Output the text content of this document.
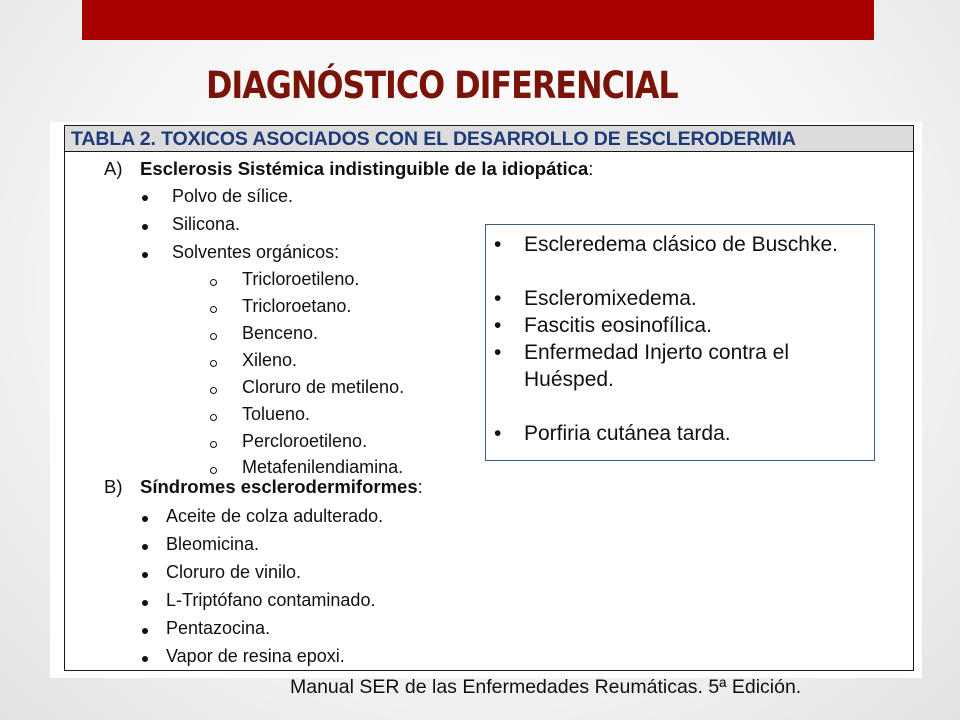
DIAGNÓSTICO DIFERENCIAL
TABLA 2. TOXICOS ASOCIADOS CON EL DESARROLLO DE ESCLERODERMIA
A) Esclerosis Sistémica indistinguible de la idiopática:
Polvo de sílice.
Silicona.
Solventes orgánicos:
Tricloroetileno.
Tricloroetano.
Benceno.
Xileno.
Cloruro de metileno.
Tolueno.
Percloroetileno.
Metafenilendiamina.
B) Síndromes esclerodermiformes:
Aceite de colza adulterado.
Bleomicina.
Cloruro de vinilo.
L-Triptófano contaminado.
Pentazocina.
Vapor de resina epoxi.
• Escleredema clásico de Buschke.
• Escleromixedema.
• Fascitis eosinofílica.
• Enfermedad Injerto contra el Huésped.
• Porfiria cutánea tarda.
Manual SER de las Enfermedades Reumáticas. 5ª Edición.
